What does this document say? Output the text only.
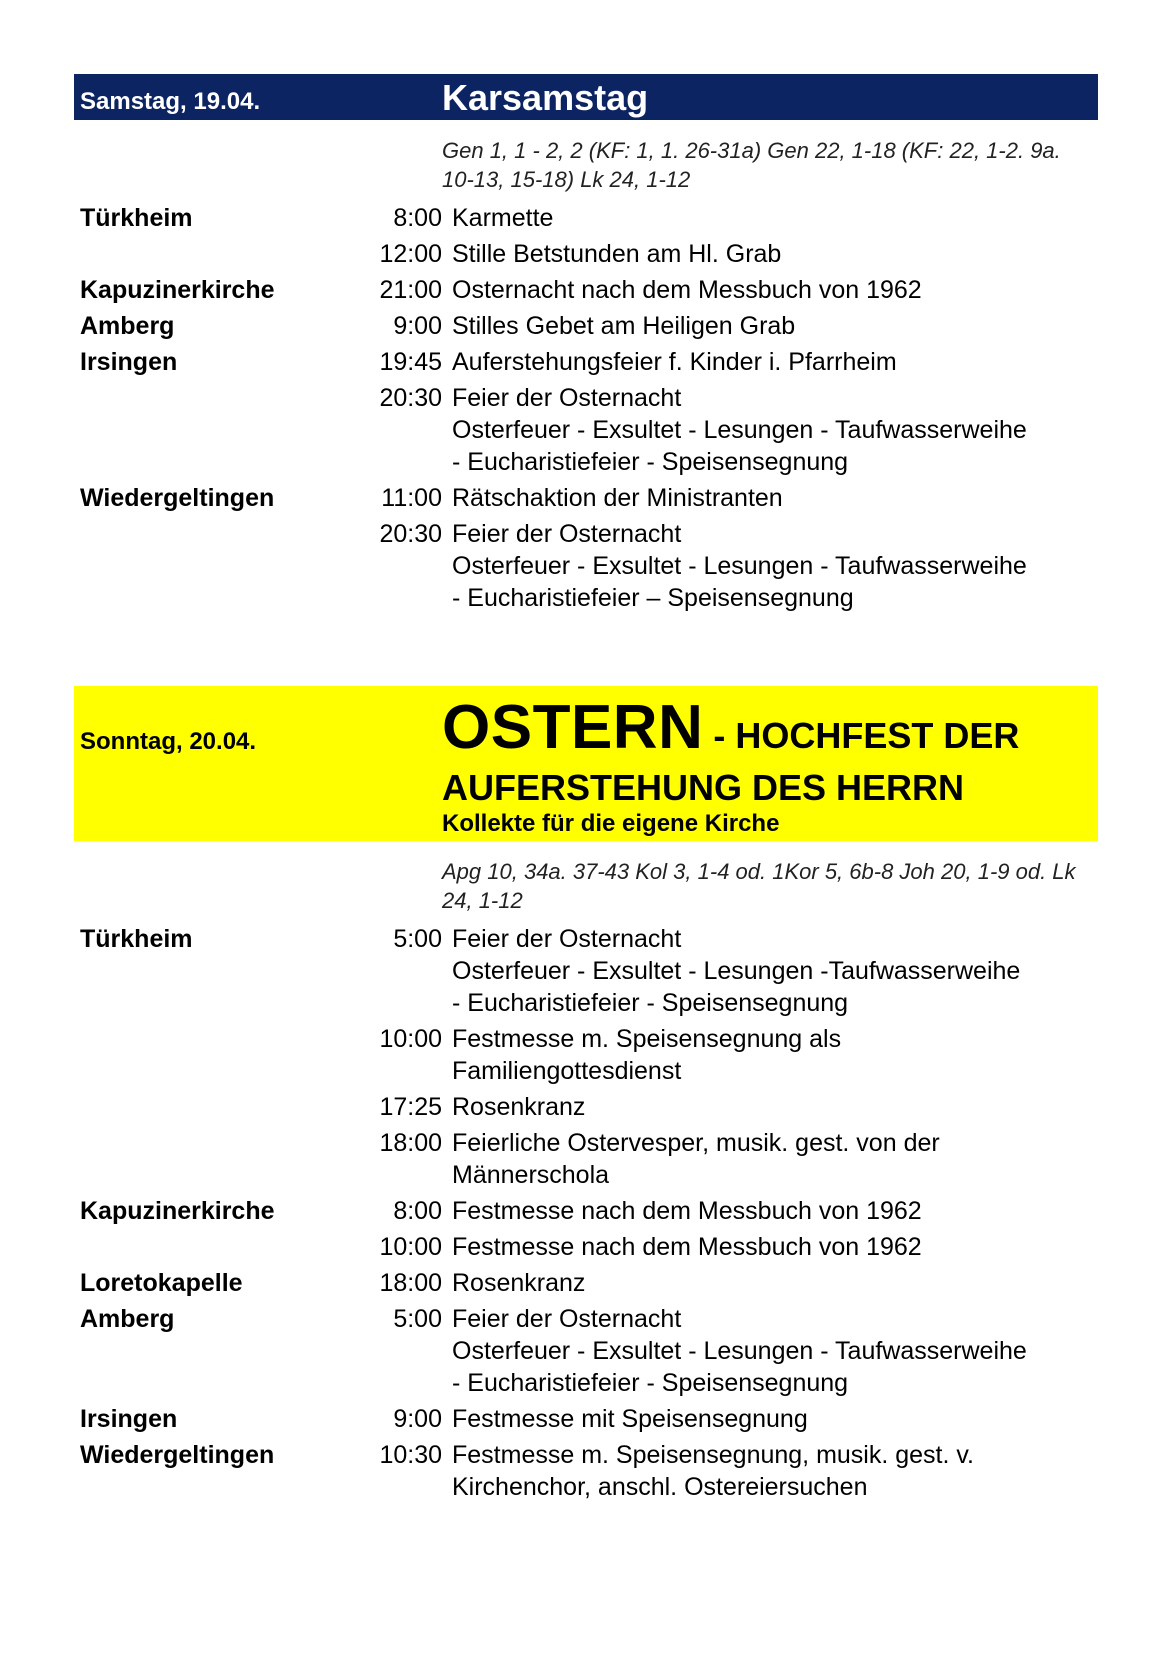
Samstag, 19.04.	Karsamstag
Gen 1, 1 - 2, 2 (KF: 1, 1. 26-31a) Gen 22, 1-18 (KF: 22, 1-2. 9a. 10-13, 15-18) Lk 24, 1-12
Türkheim	8:00	Karmette

	12:00	Stille Betstunden am Hl. Grab

Kapuzinerkirche	21:00	Osternacht nach dem Messbuch von 1962

Amberg	9:00	Stilles Gebet am Heiligen Grab

Irsingen	19:45	Auferstehungsfeier f. Kinder i. Pfarrheim

	20:30	Feier der Osternacht
Osterfeuer - Exsultet - Lesungen - Taufwasserweihe
- Eucharistiefeier - Speisensegnung

Wiedergeltingen	11:00	Rätschaktion der Ministranten

	20:30	Feier der Osternacht
Osterfeuer - Exsultet - Lesungen - Taufwasserweihe
- Eucharistiefeier – Speisensegnung
Sonntag, 20.04.	OSTERN - HOCHFEST DER
AUFERSTEHUNG DES HERRN
Kollekte für die eigene Kirche
Apg 10, 34a. 37-43 Kol 3, 1-4 od. 1Kor 5, 6b-8 Joh 20, 1-9 od. Lk 24, 1-12
Türkheim	5:00	Feier der Osternacht
Osterfeuer - Exsultet - Lesungen -Taufwasserweihe
- Eucharistiefeier - Speisensegnung

	10:00	Festmesse m. Speisensegnung als
Familiengottesdienst

	17:25	Rosenkranz

	18:00	Feierliche Ostervesper, musik. gest. von der
Männerschola

Kapuzinerkirche	8:00	Festmesse nach dem Messbuch von 1962

	10:00	Festmesse nach dem Messbuch von 1962

Loretokapelle	18:00	Rosenkranz

Amberg	5:00	Feier der Osternacht
Osterfeuer - Exsultet - Lesungen - Taufwasserweihe
- Eucharistiefeier - Speisensegnung

Irsingen	9:00	Festmesse mit Speisensegnung

Wiedergeltingen	10:30	Festmesse m. Speisensegnung, musik. gest. v.
Kirchenchor, anschl. Ostereiersuchen
